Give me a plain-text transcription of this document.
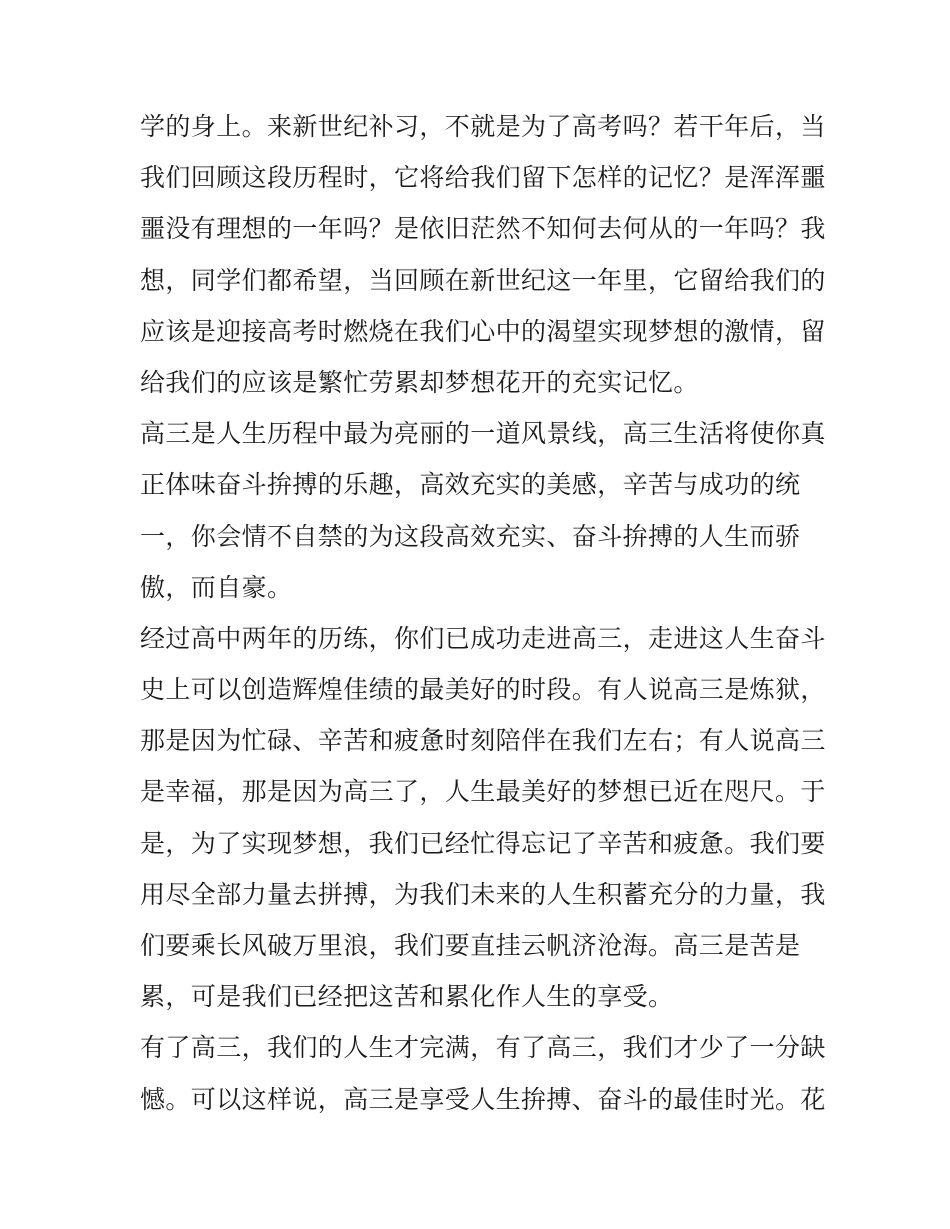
学的身上。来新世纪补习，不就是为了高考吗？若干年后，当
我们回顾这段历程时，它将给我们留下怎样的记忆？是浑浑噩
噩没有理想的一年吗？是依旧茫然不知何去何从的一年吗？我
想，同学们都希望，当回顾在新世纪这一年里，它留给我们的
应该是迎接高考时燃烧在我们心中的渴望实现梦想的激情，留
给我们的应该是繁忙劳累却梦想花开的充实记忆。
高三是人生历程中最为亮丽的一道风景线，高三生活将使你真
正体味奋斗拚搏的乐趣，高效充实的美感，辛苦与成功的统
一，你会情不自禁的为这段高效充实、奋斗拚搏的人生而骄
傲，而自豪。
经过高中两年的历练，你们已成功走进高三，走进这人生奋斗
史上可以创造辉煌佳绩的最美好的时段。有人说高三是炼狱，
那是因为忙碌、辛苦和疲惫时刻陪伴在我们左右；有人说高三
是幸福，那是因为高三了，人生最美好的梦想已近在咫尺。于
是，为了实现梦想，我们已经忙得忘记了辛苦和疲惫。我们要
用尽全部力量去拼搏，为我们未来的人生积蓄充分的力量，我
们要乘长风破万里浪，我们要直挂云帆济沧海。高三是苦是
累，可是我们已经把这苦和累化作人生的享受。
有了高三，我们的人生才完满，有了高三，我们才少了一分缺
憾。可以这样说，高三是享受人生拚搏、奋斗的最佳时光。花
